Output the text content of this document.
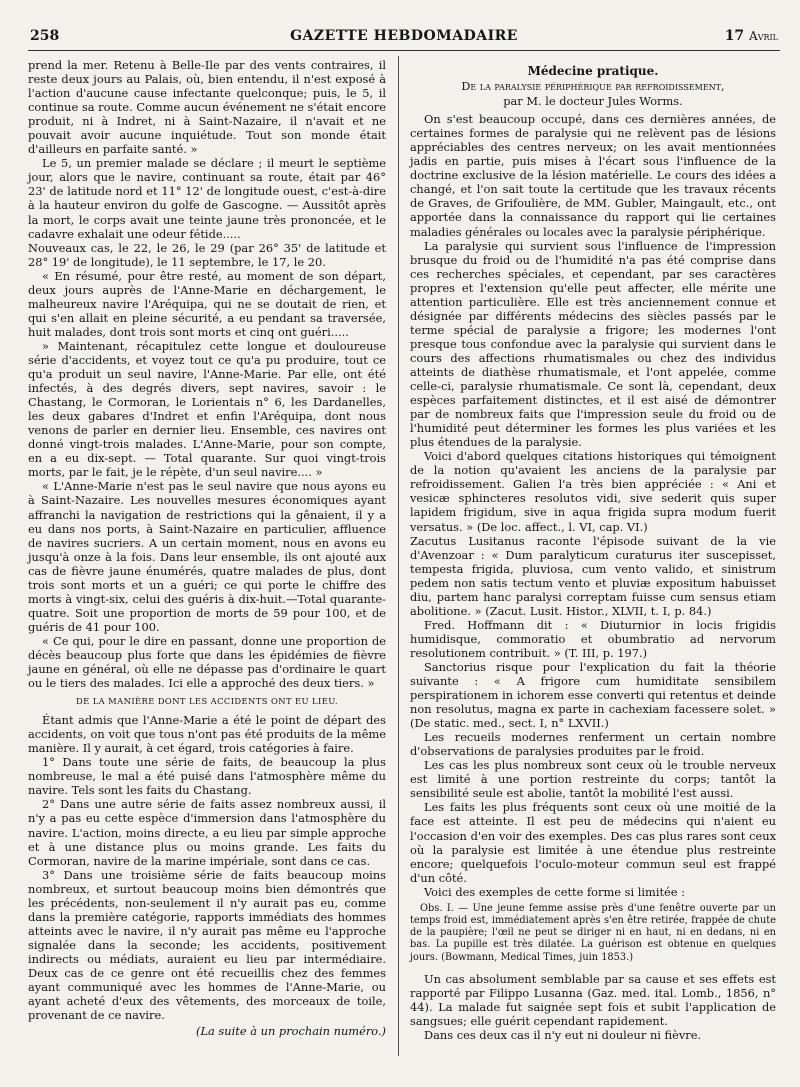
258	GAZETTE HEBDOMADAIRE	17 Avril

prend la mer. Retenu à Belle-Ile par des vents contraires, il reste deux jours au Palais, où, bien entendu, il n'est exposé à l'action d'aucune cause infectante quelconque; puis, le 5, il continue sa route. Comme aucun événement ne s'était encore produit, ni à Indret, ni à Saint-Nazaire, il n'avait et ne pouvait avoir aucune inquiétude. Tout son monde était d'ailleurs en parfaite santé. »

Le 5, un premier malade se déclare ; il meurt le septième jour, alors que le navire, continuant sa route, était par 46° 23' de latitude nord et 11° 12' de longitude ouest, c'est-à-dire à la hauteur environ du golfe de Gascogne. — Aussitôt après la mort, le corps avait une teinte jaune très prononcée, et le cadavre exhalait une odeur fétide.....

Nouveaux cas, le 22, le 26, le 29 (par 26° 35' de latitude et 28° 19' de longitude), le 11 septembre, le 17, le 20.

« En résumé, pour être resté, au moment de son départ, deux jours auprès de l'Anne-Marie en déchargement, le malheureux navire l'Aréquipa, qui ne se doutait de rien, et qui s'en allait en pleine sécurité, a eu pendant sa traversée, huit malades, dont trois sont morts et cinq ont guéri.....

» Maintenant, récapitulez cette longue et douloureuse série d'accidents, et voyez tout ce qu'a pu produire, tout ce qu'a produit un seul navire, l'Anne-Marie. Par elle, ont été infectés, à des degrés divers, sept navires, savoir : le Chastang, le Cormoran, le Lorientais n° 6, les Dardanelles, les deux gabares d'Indret et enfin l'Aréquipa, dont nous venons de parler en dernier lieu. Ensemble, ces navires ont donné vingt-trois malades. L'Anne-Marie, pour son compte, en a eu dix-sept. — Total quarante. Sur quoi vingt-trois morts, par le fait, je le répète, d'un seul navire.... »

« L'Anne-Marie n'est pas le seul navire que nous ayons eu à Saint-Nazaire. Les nouvelles mesures économiques ayant affranchi la navigation de restrictions qui la gênaient, il y a eu dans nos ports, à Saint-Nazaire en particulier, affluence de navires sucriers. A un certain moment, nous en avons eu jusqu'à onze à la fois. Dans leur ensemble, ils ont ajouté aux cas de fièvre jaune énumérés, quatre malades de plus, dont trois sont morts et un a guéri; ce qui porte le chiffre des morts à vingt-six, celui des guéris à dix-huit.—Total quarante-quatre. Soit une proportion de morts de 59 pour 100, et de guéris de 41 pour 100.

« Ce qui, pour le dire en passant, donne une proportion de décès beaucoup plus forte que dans les épidémies de fièvre jaune en général, où elle ne dépasse pas d'ordinaire le quart ou le tiers des malades. Ici elle a approché des deux tiers. »

DE LA MANIÈRE DONT LES ACCIDENTS ONT EU LIEU.

Étant admis que l'Anne-Marie a été le point de départ des accidents, on voit que tous n'ont pas été produits de la même manière. Il y aurait, à cet égard, trois catégories à faire.

1° Dans toute une série de faits, de beaucoup la plus nombreuse, le mal a été puisé dans l'atmosphère même du navire. Tels sont les faits du Chastang.

2° Dans une autre série de faits assez nombreux aussi, il n'y a pas eu cette espèce d'immersion dans l'atmosphère du navire. L'action, moins directe, a eu lieu par simple approche et à une distance plus ou moins grande. Les faits du Cormoran, navire de la marine impériale, sont dans ce cas.

3° Dans une troisième série de faits beaucoup moins nombreux, et surtout beaucoup moins bien démontrés que les précédents, non-seulement il n'y aurait pas eu, comme dans la première catégorie, rapports immédiats des hommes atteints avec le navire, il n'y aurait pas même eu l'approche signalée dans la seconde; les accidents, positivement indirects ou médiats, auraient eu lieu par intermédiaire. Deux cas de ce genre ont été recueillis chez des femmes ayant communiqué avec les hommes de l'Anne-Marie, ou ayant acheté d'eux des vêtements, des morceaux de toile, provenant de ce navire.

(La suite à un prochain numéro.)

Médecine pratique.
De la paralysie périphérique par refroidissement,
par M. le docteur Jules Worms.

On s'est beaucoup occupé, dans ces dernières années, de certaines formes de paralysie qui ne relèvent pas de lésions appréciables des centres nerveux; on les avait mentionnées jadis en partie, puis mises à l'écart sous l'influence de la doctrine exclusive de la lésion matérielle. Le cours des idées a changé, et l'on sait toute la certitude que les travaux récents de Graves, de Grifoulière, de MM. Gubler, Maingault, etc., ont apportée dans la connaissance du rapport qui lie certaines maladies générales ou locales avec la paralysie périphérique.

La paralysie qui survient sous l'influence de l'impression brusque du froid ou de l'humidité n'a pas été comprise dans ces recherches spéciales, et cependant, par ses caractères propres et l'extension qu'elle peut affecter, elle mérite une attention particulière. Elle est très anciennement connue et désignée par différents médecins des siècles passés par le terme spécial de paralysie a frigore; les modernes l'ont presque tous confondue avec la paralysie qui survient dans le cours des affections rhumatismales ou chez des individus atteints de diathèse rhumatismale, et l'ont appelée, comme celle-ci, paralysie rhumatismale. Ce sont là, cependant, deux espèces parfaitement distinctes, et il est aisé de démontrer par de nombreux faits que l'impression seule du froid ou de l'humidité peut déterminer les formes les plus variées et les plus étendues de la paralysie.

Voici d'abord quelques citations historiques qui témoignent de la notion qu'avaient les anciens de la paralysie par refroidissement. Galien l'a très bien appréciée : « Ani et vesicæ sphincteres resolutos vidi, sive sederit quis super lapidem frigidum, sive in aqua frigida supra modum fuerit versatus. » (De loc. affect., l. VI, cap. VI.)

Zacutus Lusitanus raconte l'épisode suivant de la vie d'Avenzoar : « Dum paralyticum curaturus iter suscepisset, tempesta frigida, pluviosa, cum vento valido, et sinistrum pedem non satis tectum vento et pluviæ expositum habuisset diu, partem hanc paralysi correptam fuisse cum sensus etiam abolitione. » (Zacut. Lusit. Histor., XLVII, t. I, p. 84.)

Fred. Hoffmann dit : « Diuturnior in locis frigidis humidisque, commoratio et obumbratio ad nervorum resolutionem contribuit. » (T. III, p. 197.)

Sanctorius risque pour l'explication du fait la théorie suivante : « A frigore cum humiditate sensibilem perspirationem in ichorem esse converti qui retentus et deinde non resolutus, magna ex parte in cachexiam facessere solet. » (De static. med., sect. I, n° LXVII.)

Les recueils modernes renferment un certain nombre d'observations de paralysies produites par le froid.

Les cas les plus nombreux sont ceux où le trouble nerveux est limité à une portion restreinte du corps; tantôt la sensibilité seule est abolie, tantôt la mobilité l'est aussi.

Les faits les plus fréquents sont ceux où une moitié de la face est atteinte. Il est peu de médecins qui n'aient eu l'occasion d'en voir des exemples. Des cas plus rares sont ceux où la paralysie est limitée à une étendue plus restreinte encore; quelquefois l'oculo-moteur commun seul est frappé d'un côté.

Voici des exemples de cette forme si limitée :

Obs. I. — Une jeune femme assise près d'une fenêtre ouverte par un temps froid est, immédiatement après s'en être retirée, frappée de chute de la paupière; l'œil ne peut se diriger ni en haut, ni en dedans, ni en bas. La pupille est très dilatée. La guérison est obtenue en quelques jours. (Bowmann, Medical Times, juin 1853.)

Un cas absolument semblable par sa cause et ses effets est rapporté par Filippo Lusanna (Gaz. med. ital. Lomb., 1856, n° 44). La malade fut saignée sept fois et subit l'application de sangsues; elle guérit cependant rapidement.

Dans ces deux cas il n'y eut ni douleur ni fièvre.
